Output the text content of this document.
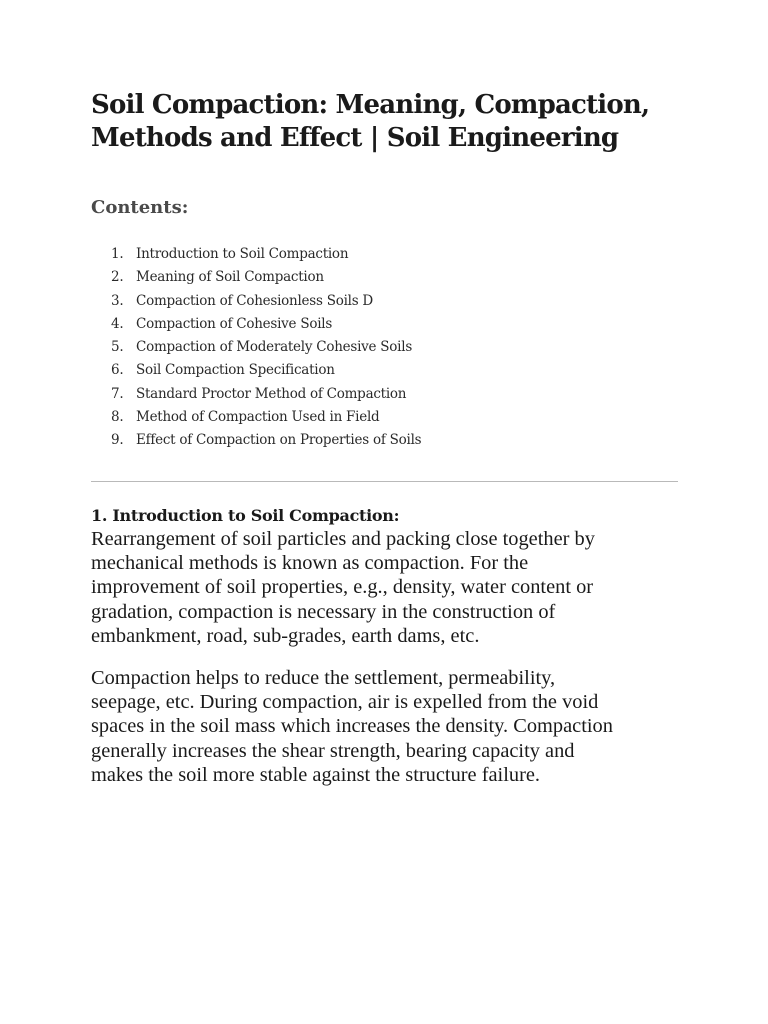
Soil Compaction: Meaning, Compaction,
Methods and Effect | Soil Engineering
Contents:
1. Introduction to Soil Compaction
2. Meaning of Soil Compaction
3. Compaction of Cohesionless Soils D
4. Compaction of Cohesive Soils
5. Compaction of Moderately Cohesive Soils
6. Soil Compaction Specification
7. Standard Proctor Method of Compaction
8. Method of Compaction Used in Field
9. Effect of Compaction on Properties of Soils
1. Introduction to Soil Compaction:

Rearrangement of soil particles and packing close together by
mechanical methods is known as compaction. For the
improvement of soil properties, e.g., density, water content or
gradation, compaction is necessary in the construction of
embankment, road, sub-grades, earth dams, etc.

Compaction helps to reduce the settlement, permeability,
seepage, etc. During compaction, air is expelled from the void
spaces in the soil mass which increases the density. Compaction
generally increases the shear strength, bearing capacity and
makes the soil more stable against the structure failure.
